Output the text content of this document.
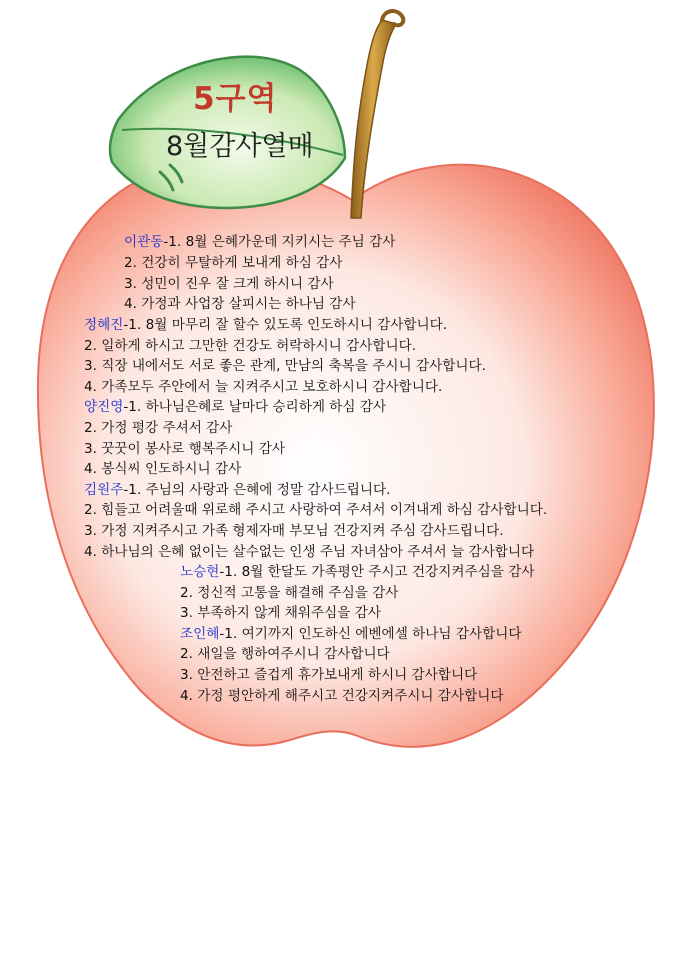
5구역
8월감사열매
이관동-1. 8월 은혜가운데 지키시는 주님 감사
2. 건강히 무탈하게 보내게 하심 감사
3. 성민이 진우 잘 크게 하시니 감사
4. 가정과 사업장 살피시는 하나님 감사
정혜진-1. 8월 마무리 잘 할수 있도록 인도하시니 감사합니다.
2. 일하게 하시고 그만한 건강도 허락하시니 감사합니다.
3. 직장 내에서도 서로 좋은 관계, 만남의 축복을 주시니 감사합니다.
4. 가족모두 주안에서 늘 지켜주시고 보호하시니 감사합니다.
양진영-1. 하나님은혜로 날마다 승리하게 하심 감사
2. 가정 평강 주셔서 감사
3. 꿋꿋이 봉사로 행복주시니 감사
4. 봉식씨 인도하시니 감사
김원주-1. 주님의 사랑과 은혜에 정말 감사드립니다.
2. 힘들고 어려울때 위로해 주시고 사랑하여 주셔서 이겨내게 하심 감사합니다.
3. 가정 지켜주시고 가족 형제자매 부모님 건강지켜 주심 감사드립니다.
4. 하나님의 은혜 없이는 살수없는 인생 주님 자녀삼아 주셔서 늘 감사합니다
노승현-1. 8월 한달도 가족평안 주시고 건강지켜주심을 감사
2. 정신적 고통을 해결해 주심을 감사
3. 부족하지 않게 채워주심을 감사
조인혜-1. 여기까지 인도하신 에벤에셀 하나님 감사합니다
2. 새일을 행하여주시니 감사합니다
3. 안전하고 즐겁게 휴가보내게 하시니 감사합니다
4. 가정 평안하게 해주시고 건강지켜주시니 감사합니다
